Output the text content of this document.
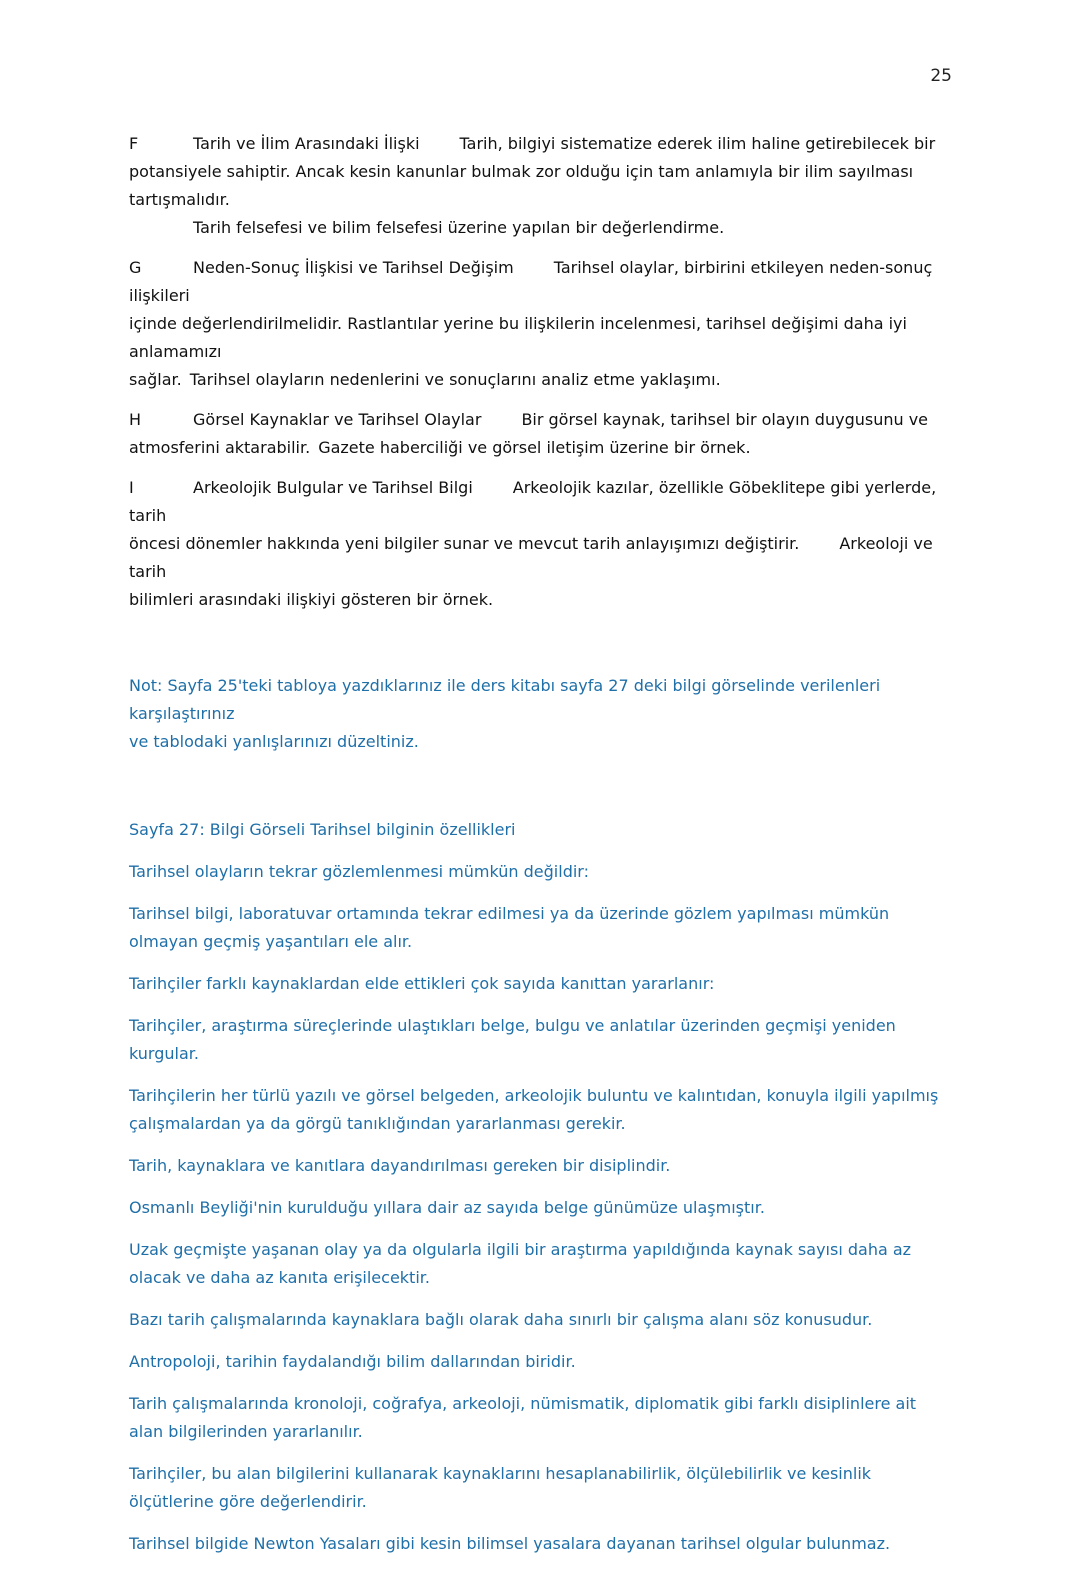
25
F	Tarih ve İlim Arasındaki İlişki	Tarih, bilgiyi sistematize ederek ilim haline getirebilecek bir
potansiyele sahiptir. Ancak kesin kanunlar bulmak zor olduğu için tam anlamıyla bir ilim sayılması tartışmalıdır.
Tarih felsefesi ve bilim felsefesi üzerine yapılan bir değerlendirme.
G	Neden-Sonuç İlişkisi ve Tarihsel Değişim	Tarihsel olaylar, birbirini etkileyen neden-sonuç ilişkileri
içinde değerlendirilmelidir. Rastlantılar yerine bu ilişkilerin incelenmesi, tarihsel değişimi daha iyi anlamamızı
sağlar. Tarihsel olayların nedenlerini ve sonuçlarını analiz etme yaklaşımı.
H	Görsel Kaynaklar ve Tarihsel Olaylar	Bir görsel kaynak, tarihsel bir olayın duygusunu ve
atmosferini aktarabilir. Gazete haberciliği ve görsel iletişim üzerine bir örnek.
I	Arkeolojik Bulgular ve Tarihsel Bilgi	Arkeolojik kazılar, özellikle Göbeklitepe gibi yerlerde, tarih
öncesi dönemler hakkında yeni bilgiler sunar ve mevcut tarih anlayışımızı değiştirir.	Arkeoloji ve tarih
bilimleri arasındaki ilişkiyi gösteren bir örnek.
Not: Sayfa 25'teki tabloya yazdıklarınız ile ders kitabı sayfa 27 deki bilgi görselinde verilenleri karşılaştırınız
ve tablodaki yanlışlarınızı düzeltiniz.

Sayfa 27: Bilgi Görseli Tarihsel bilginin özellikleri

Tarihsel olayların tekrar gözlemlenmesi mümkün değildir:

Tarihsel bilgi, laboratuvar ortamında tekrar edilmesi ya da üzerinde gözlem yapılması mümkün olmayan geçmiş yaşantıları ele alır.

Tarihçiler farklı kaynaklardan elde ettikleri çok sayıda kanıttan yararlanır:

Tarihçiler, araştırma süreçlerinde ulaştıkları belge, bulgu ve anlatılar üzerinden geçmişi yeniden kurgular.

Tarihçilerin her türlü yazılı ve görsel belgeden, arkeolojik buluntu ve kalıntıdan, konuyla ilgili yapılmış çalışmalardan ya da görgü tanıklığından yararlanması gerekir.

Tarih, kaynaklara ve kanıtlara dayandırılması gereken bir disiplindir.

Osmanlı Beyliği'nin kurulduğu yıllara dair az sayıda belge günümüze ulaşmıştır.

Uzak geçmişte yaşanan olay ya da olgularla ilgili bir araştırma yapıldığında kaynak sayısı daha az olacak ve daha az kanıta erişilecektir.

Bazı tarih çalışmalarında kaynaklara bağlı olarak daha sınırlı bir çalışma alanı söz konusudur.

Antropoloji, tarihin faydalandığı bilim dallarından biridir.

Tarih çalışmalarında kronoloji, coğrafya, arkeoloji, nümismatik, diplomatik gibi farklı disiplinlere ait alan bilgilerinden yararlanılır.

Tarihçiler, bu alan bilgilerini kullanarak kaynaklarını hesaplanabilirlik, ölçülebilirlik ve kesinlik ölçütlerine göre değerlendirir.

Tarihsel bilgide Newton Yasaları gibi kesin bilimsel yasalara dayanan tarihsel olgular bulunmaz.
